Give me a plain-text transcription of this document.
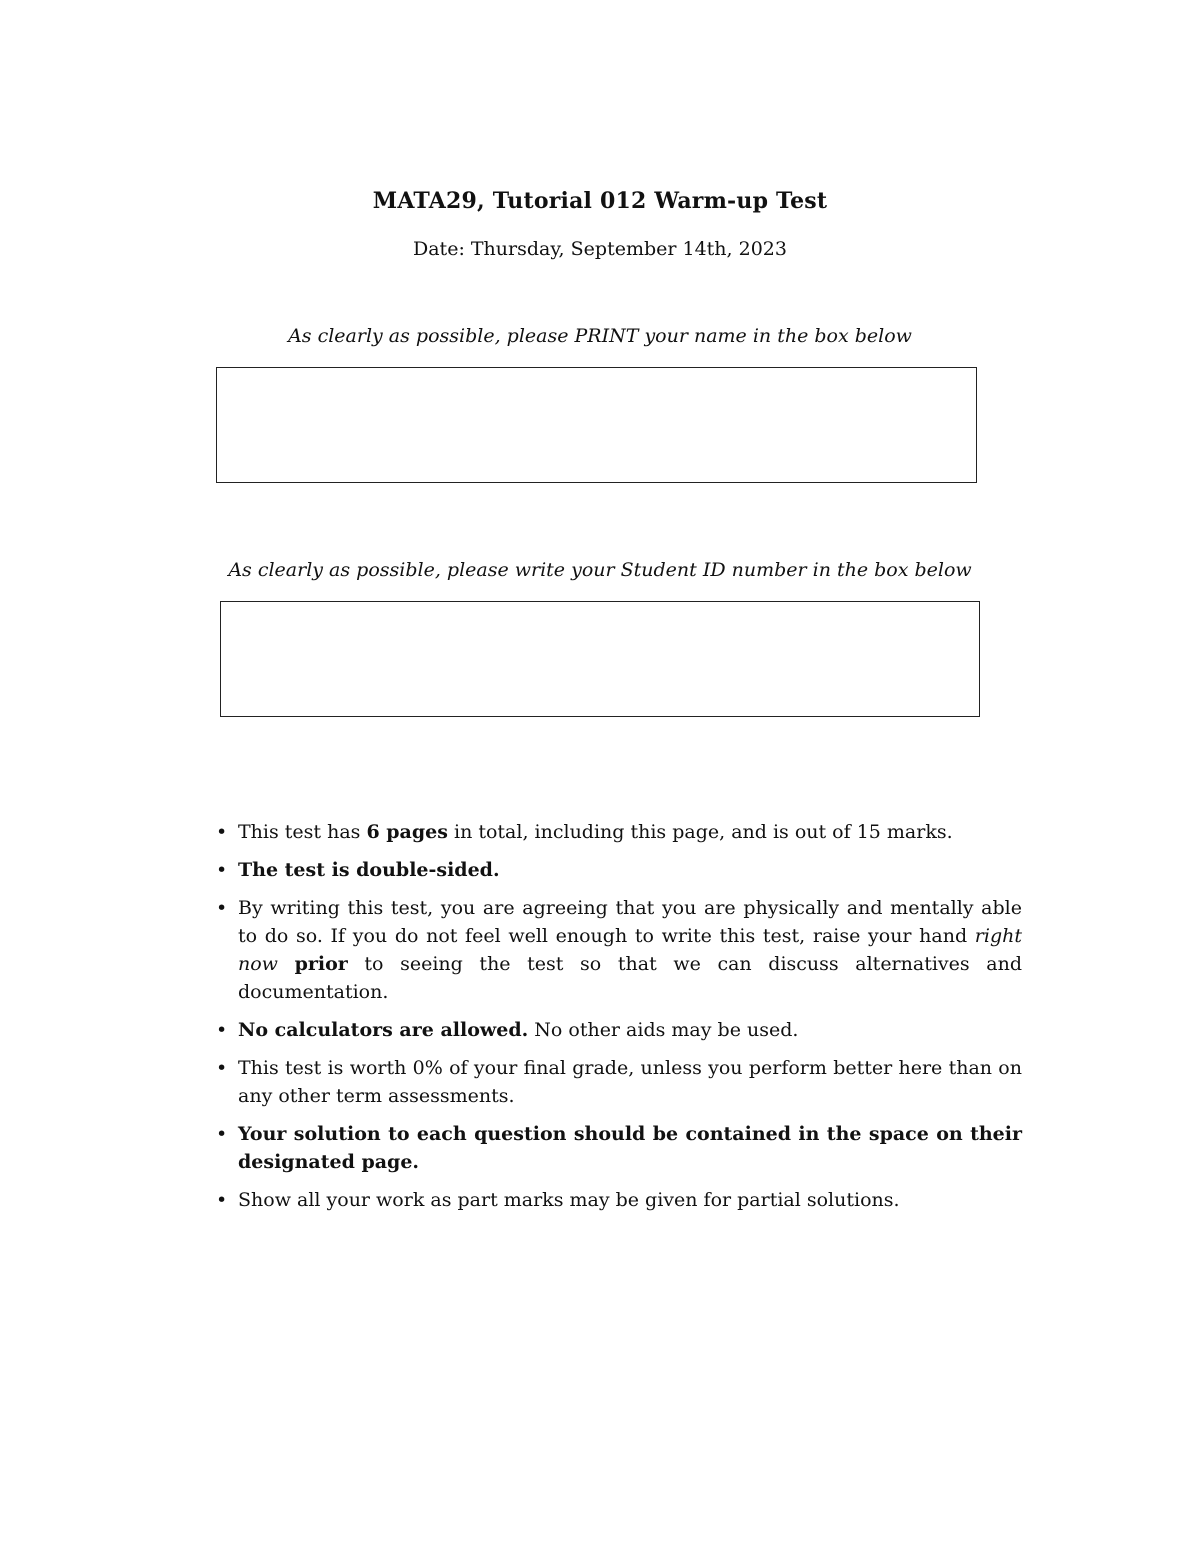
MATA29, Tutorial 012 Warm-up Test
Date: Thursday, September 14th, 2023
As clearly as possible, please PRINT your name in the box below
As clearly as possible, please write your Student ID number in the box below
• This test has 6 pages in total, including this page, and is out of 15 marks.
• The test is double-sided.
• By writing this test, you are agreeing that you are physically and mentally able to do so. If you do not feel well enough to write this test, raise your hand right now prior to seeing the test so that we can discuss alternatives and documentation.
• No calculators are allowed. No other aids may be used.
• This test is worth 0% of your final grade, unless you perform better here than on any other term assessments.
• Your solution to each question should be contained in the space on their designated page.
• Show all your work as part marks may be given for partial solutions.
